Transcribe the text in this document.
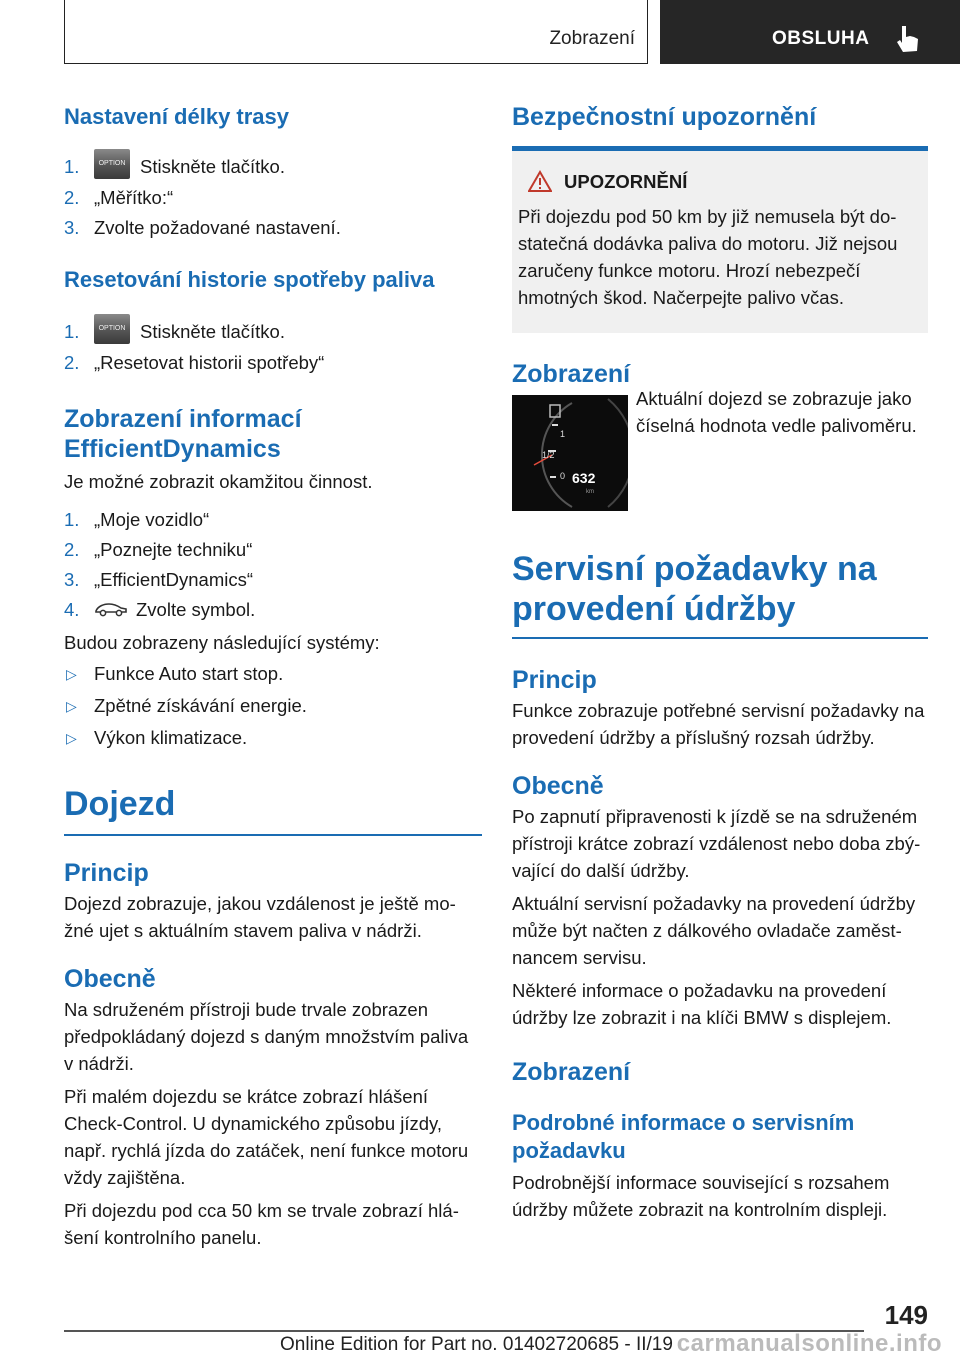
Zobrazení	OBSLUHA
Nastavení délky trasy
1.	OPTION Stiskněte tlačítko.
2. „Měřítko:“
3. Zvolte požadované nastavení.
Resetování historie spotřeby paliva
1.	OPTION Stiskněte tlačítko.
2. „Resetovat historii spotřeby“
Zobrazení informací
EfficientDynamics

Je možné zobrazit okamžitou činnost.

1. „Moje vozidlo“
2. „Poznejte techniku“
3. „EfficientDynamics“
4.	Zvolte symbol.

Budou zobrazeny následující systémy:

▷ Funkce Auto start stop.
▷ Zpětné získávání energie.
▷ Výkon klimatizace.
Dojezd
Princip

Dojezd zobrazuje, jakou vzdálenost je ještě mo-žné ujet s aktuálním stavem paliva v nádrži.

Obecně

Na sdruženém přístroji bude trvale zobrazen předpokládaný dojezd s daným množstvím paliva v nádrži.

Při malém dojezdu se krátce zobrazí hlášení Check-Control. U dynamického způsobu jízdy, např. rychlá jízda do zatáček, není funkce motoru vždy zajištěna.

Při dojezdu pod cca 50 km se trvale zobrazí hlá-šení kontrolního panelu.

Bezpečnostní upozornění
UPOZORNĚNÍ

Při dojezdu pod 50 km by již nemusela být do-statečná dodávka paliva do motoru. Již nejsou zaručeny funkce motoru. Hrozí nebezpečí hmotných škod. Načerpejte palivo včas.

Zobrazení
1
1/2
0 632
km

Aktuální dojezd se zobrazuje jako číselná hodnota vedle palivoměru.

Servisní požadavky na
provedení údržby
Princip

Funkce zobrazuje potřebné servisní požadavky na provedení údržby a příslušný rozsah údržby.

Obecně

Po zapnutí připravenosti k jízdě se na sdruženém přístroji krátce zobrazí vzdálenost nebo doba zbý-vající do další údržby.

Aktuální servisní požadavky na provedení údržby může být načten z dálkového ovladače zaměst-nancem servisu.

Některé informace o požadavku na provedení údržby lze zobrazit i na klíči BMW s displejem.

Zobrazení
Podrobné informace o servisním
požadavku

Podrobnější informace související s rozsahem údržby můžete zobrazit na kontrolním displeji.

149
Online Edition for Part no. 01402720685 - II/19 carmanualsonline.info
